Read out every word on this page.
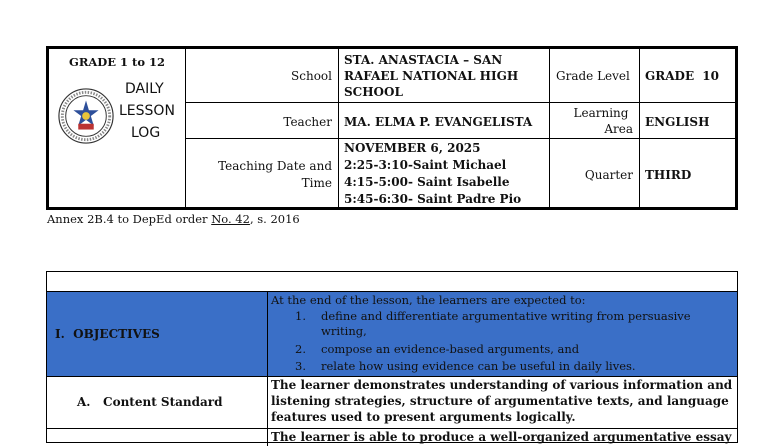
GRADE 1 to 12
DAILY
LESSON
LOG
School
STA. ANASTACIA – SAN RAFAEL NATIONAL HIGH SCHOOL
Grade Level GRADE 10
Teacher MA. ELMA P. EVANGELISTA
Learning
Area ENGLISH
Teaching Date and
Time
NOVEMBER 6, 2025
2:25-3:10-Saint Michael
4:15-5:00- Saint Isabelle
5:45-6:30- Saint Padre Pio
Quarter THIRD
Annex 2B.4 to DepEd order No. 42, s. 2016
I.  OBJECTIVES
At the end of the lesson, the learners are expected to:
1. define and differentiate argumentative writing from persuasive
writing,
2. compose an evidence-based arguments, and
3. relate how using evidence can be useful in daily lives.
A.   Content Standard
The learner demonstrates understanding of various information and
listening strategies, structure of argumentative texts, and language
features used to present arguments logically.
The learner is able to produce a well-organized argumentative essay
